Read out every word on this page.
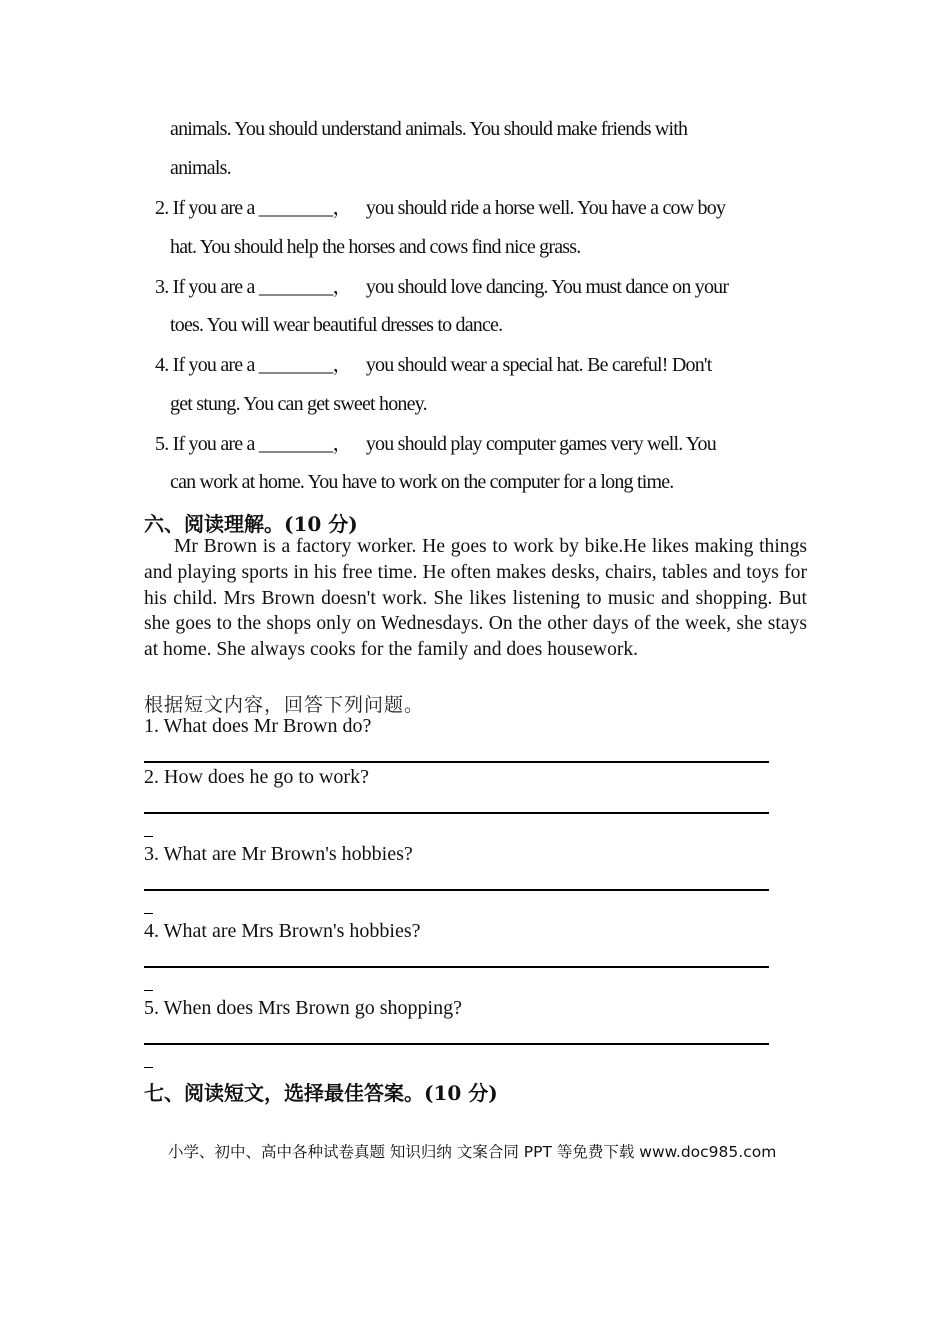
animals. You should understand animals. You should make friends with
animals.
2. If you are a ________， you should ride a horse well. You have a cow boy
hat. You should help the horses and cows find nice grass.
3. If you are a ________， you should love dancing. You must dance on your
toes. You will wear beautiful dresses to dance.
4. If you are a ________， you should wear a special hat. Be careful! Don't
get stung. You can get sweet honey.
5. If you are a ________， you should play computer games very well. You
can work at home. You have to work on the computer for a long time.
六、阅读理解。(10 分)

Mr Brown is a factory worker. He goes to work by bike.He likes making things and playing sports in his free time. He often makes desks, chairs, tables and toys for his child. Mrs Brown doesn't work. She likes listening to music and shopping. But she goes to the shops only on Wednesdays. On the other days of the week, she stays at home. She always cooks for the family and does housework.

根据短文内容，回答下列问题。
1. What does Mr Brown do?
2. How does he go to work?
3. What are Mr Brown's hobbies?
4. What are Mrs Brown's hobbies?
5. When does Mrs Brown go shopping?
七、阅读短文，选择最佳答案。(10 分)
小学、初中、高中各种试卷真题 知识归纳 文案合同 PPT 等免费下载 www.doc985.com
